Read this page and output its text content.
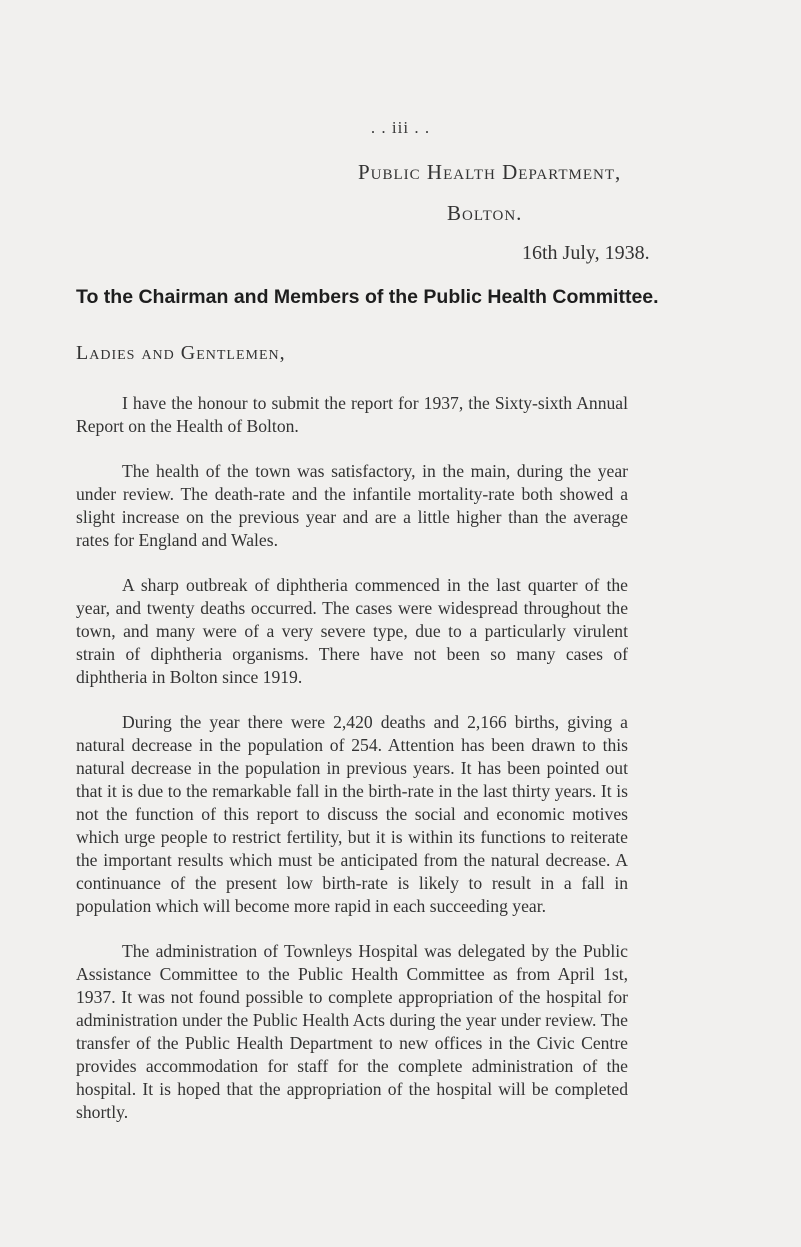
. . iii . .
Public Health Department,
Bolton.
16th July, 1938.
To the Chairman and Members of the Public Health Committee.
Ladies and Gentlemen,

I have the honour to submit the report for 1937, the Sixty-sixth Annual Report on the Health of Bolton.

The health of the town was satisfactory, in the main, during the year under review. The death-rate and the infantile mortality-rate both showed a slight increase on the previous year and are a little higher than the average rates for England and Wales.

A sharp outbreak of diphtheria commenced in the last quarter of the year, and twenty deaths occurred. The cases were widespread throughout the town, and many were of a very severe type, due to a particularly virulent strain of diphtheria organisms. There have not been so many cases of diphtheria in Bolton since 1919.

During the year there were 2,420 deaths and 2,166 births, giving a natural decrease in the population of 254. Attention has been drawn to this natural decrease in the population in previous years. It has been pointed out that it is due to the remarkable fall in the birth-rate in the last thirty years. It is not the function of this report to discuss the social and economic motives which urge people to restrict fertility, but it is within its functions to reiterate the important results which must be anticipated from the natural decrease. A continuance of the present low birth-rate is likely to result in a fall in population which will become more rapid in each succeeding year.

The administration of Townleys Hospital was delegated by the Public Assistance Committee to the Public Health Committee as from April 1st, 1937. It was not found possible to complete appropriation of the hospital for administration under the Public Health Acts during the year under review. The transfer of the Public Health Department to new offices in the Civic Centre provides accommodation for staff for the complete administration of the hospital. It is hoped that the appropriation of the hospital will be completed shortly.
